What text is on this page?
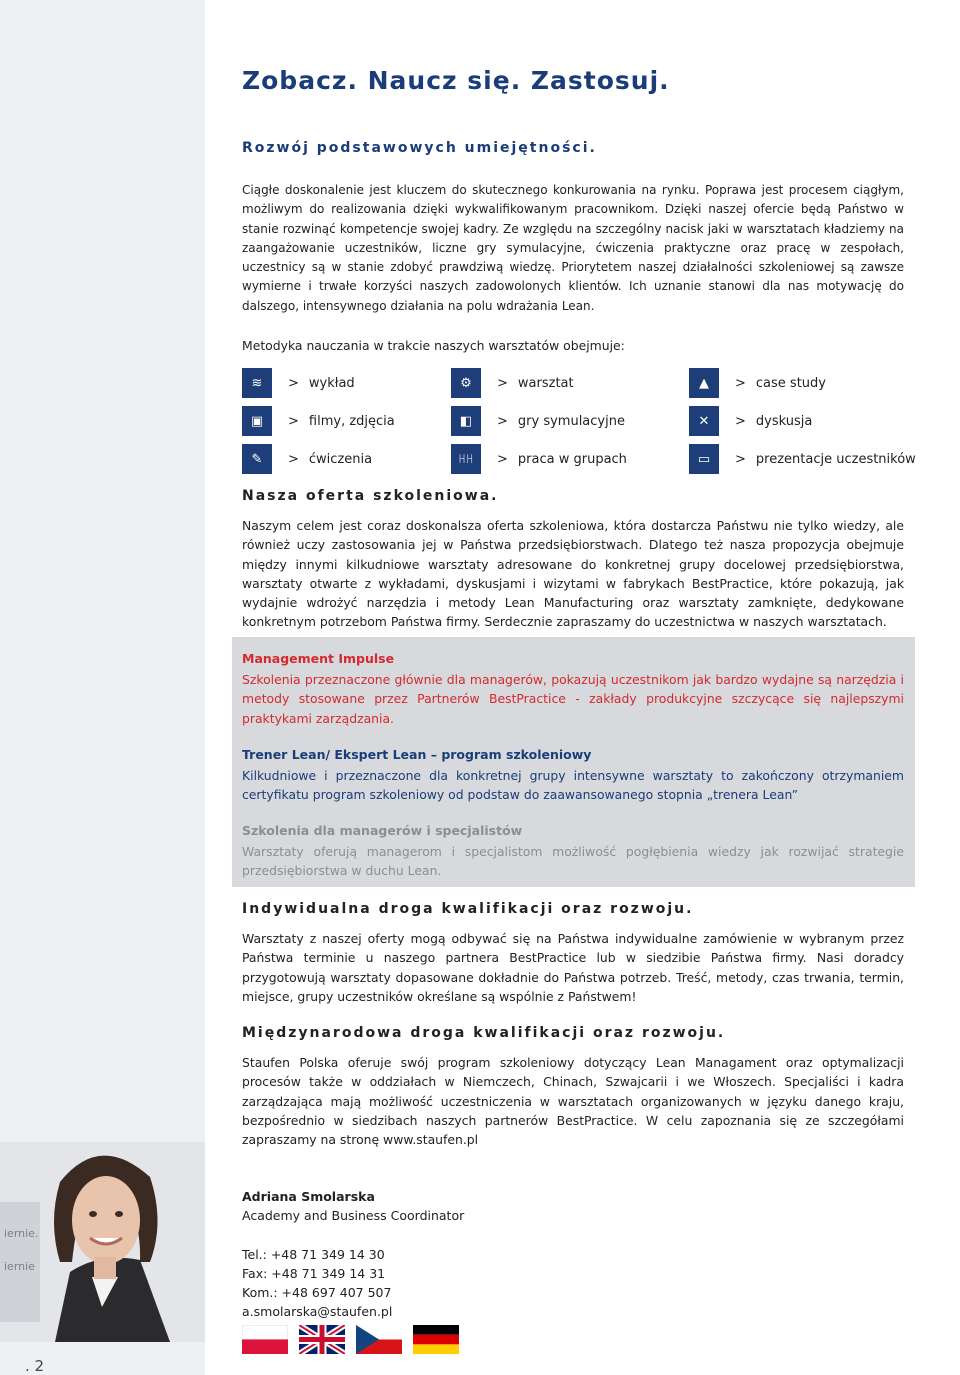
Zobacz. Naucz się. Zastosuj.
Rozwój podstawowych umiejętności.

Ciągłe doskonalenie jest kluczem do skutecznego konkurowania na rynku. Poprawa jest procesem ciągłym, możliwym do realizowania dzięki wykwalifikowanym pracownikom. Dzięki naszej ofercie będą Państwo w stanie rozwinąć kompetencje swojej kadry. Ze względu na szczególny nacisk jaki w warsztatach kładziemy na zaangażowanie uczestników, liczne gry symulacyjne, ćwiczenia praktyczne oraz pracę w zespołach, uczestnicy są w stanie zdobyć prawdziwą wiedzę. Priorytetem naszej działalności szkoleniowej są zawsze wymierne i trwałe korzyści naszych zadowolonych klientów. Ich uznanie stanowi dla nas motywację do dalszego, intensywnego działania na polu wdrażania Lean.

Metodyka nauczania w trakcie naszych warsztatów obejmuje:

≋	> wykład	⚙	> warsztat	▲	> case study
▣	> filmy, zdjęcia	◧	> gry symulacyjne	✕	> dyskusja
✎	> ćwiczenia	ꀿꀿ	> praca w grupach	▭	> prezentacje uczestników
Nasza oferta szkoleniowa.

Naszym celem jest coraz doskonalsza oferta szkoleniowa, która dostarcza Państwu nie tylko wiedzy, ale również uczy zastosowania jej w Państwa przedsiębiorstwach. Dlatego też nasza propozycja obejmuje między innymi kilkudniowe warsztaty adresowane do konkretnej grupy docelowej przedsiębiorstwa, warsztaty otwarte z wykładami, dyskusjami i wizytami w fabrykach BestPractice, które pokazują, jak wydajnie wdrożyć narzędzia i metody Lean Manufacturing oraz warsztaty zamknięte, dedykowane konkretnym potrzebom Państwa firmy. Serdecznie zapraszamy do uczestnictwa w naszych warsztatach.

Management Impulse

Szkolenia przeznaczone głównie dla managerów, pokazują uczestnikom jak bardzo wydajne są narzędzia i metody stosowane przez Partnerów BestPractice - zakłady produkcyjne szczycące się najlepszymi praktykami zarządzania.

Trener Lean/ Ekspert Lean – program szkoleniowy

Kilkudniowe i przeznaczone dla konkretnej grupy intensywne warsztaty to zakończony otrzymaniem certyfikatu program szkoleniowy od podstaw do zaawansowanego stopnia „trenera Lean”

Szkolenia dla managerów i specjalistów

Warsztaty oferują managerom i specjalistom możliwość pogłębienia wiedzy jak rozwijać strategie przedsiębiorstwa w duchu Lean.

Indywidualna droga kwalifikacji oraz rozwoju.

Warsztaty z naszej oferty mogą odbywać się na Państwa indywidualne zamówienie w wybranym przez Państwa terminie u naszego partnera BestPractice lub w siedzibie Państwa firmy. Nasi doradcy przygotowują warsztaty dopasowane dokładnie do Państwa potrzeb. Treść, metody, czas trwania, termin, miejsce, grupy uczestników określane są wspólnie z Państwem!

Międzynarodowa droga kwalifikacji oraz rozwoju.

Staufen Polska oferuje swój program szkoleniowy dotyczący Lean Managament oraz optymalizacji procesów także w oddziałach w Niemczech, Chinach, Szwajcarii i we Włoszech. Specjaliści i kadra zarządzająca mają możliwość uczestniczenia w warsztatach organizowanych w języku danego kraju, bezpośrednio w siedzibach naszych partnerów BestPractice. W celu zapoznania się ze szczegółami zapraszamy na stronę www.staufen.pl

iernie.
iernie
Adriana Smolarska
Academy and Business Coordinator
Tel.: +48 71 349 14 30
Fax: +48 71 349 14 31
Kom.: +48 697 407 507
a.smolarska@staufen.pl
. 2
